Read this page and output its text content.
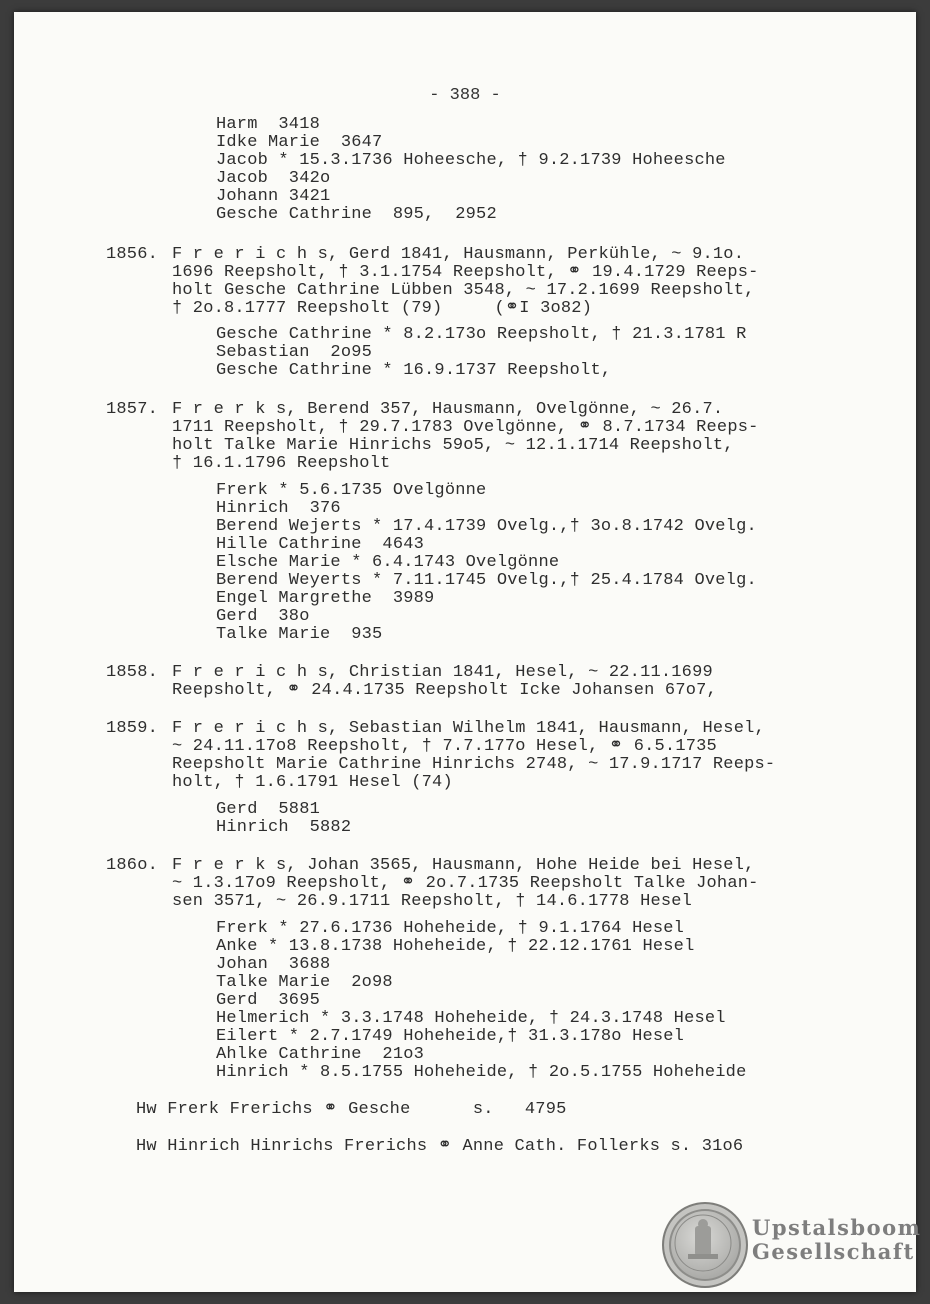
- 388 -
Harm  3418
Idke Marie  3647
Jacob * 15.3.1736 Hoheesche, † 9.2.1739 Hoheesche
Jacob  342o
Johann 3421
Gesche Cathrine  895,  2952
1856. F r e r i c h s, Gerd 1841, Hausmann, Perkühle, ~ 9.1o.
1696 Reepsholt, † 3.1.1754 Reepsholt, ⚭ 19.4.1729 Reeps-
holt Gesche Cathrine Lübben 3548, ~ 17.2.1699 Reepsholt,
† 2o.8.1777 Reepsholt (79)     (⚭I 3o82)
Gesche Cathrine * 8.2.173o Reepsholt, † 21.3.1781 R
Sebastian  2o95
Gesche Cathrine * 16.9.1737 Reepsholt,
1857. F r e r k s, Berend 357, Hausmann, Ovelgönne, ~ 26.7.
1711 Reepsholt, † 29.7.1783 Ovelgönne, ⚭ 8.7.1734 Reeps-
holt Talke Marie Hinrichs 59o5, ~ 12.1.1714 Reepsholt,
† 16.1.1796 Reepsholt
Frerk * 5.6.1735 Ovelgönne
Hinrich  376
Berend Wejerts * 17.4.1739 Ovelg.,† 3o.8.1742 Ovelg.
Hille Cathrine  4643
Elsche Marie * 6.4.1743 Ovelgönne
Berend Weyerts * 7.11.1745 Ovelg.,† 25.4.1784 Ovelg.
Engel Margrethe  3989
Gerd  38o
Talke Marie  935
1858. F r e r i c h s, Christian 1841, Hesel, ~ 22.11.1699
Reepsholt, ⚭ 24.4.1735 Reepsholt Icke Johansen 67o7,
1859. F r e r i c h s, Sebastian Wilhelm 1841, Hausmann, Hesel,
~ 24.11.17o8 Reepsholt, † 7.7.177o Hesel, ⚭ 6.5.1735
Reepsholt Marie Cathrine Hinrichs 2748, ~ 17.9.1717 Reeps-
holt, † 1.6.1791 Hesel (74)
Gerd  5881
Hinrich  5882
186o. F r e r k s, Johan 3565, Hausmann, Hohe Heide bei Hesel,
~ 1.3.17o9 Reepsholt, ⚭ 2o.7.1735 Reepsholt Talke Johan-
sen 3571, ~ 26.9.1711 Reepsholt, † 14.6.1778 Hesel
Frerk * 27.6.1736 Hoheheide, † 9.1.1764 Hesel
Anke * 13.8.1738 Hoheheide, † 22.12.1761 Hesel
Johan  3688
Talke Marie  2o98
Gerd  3695
Helmerich * 3.3.1748 Hoheheide, † 24.3.1748 Hesel
Eilert * 2.7.1749 Hoheheide,† 31.3.178o Hesel
Ahlke Cathrine  21o3
Hinrich * 8.5.1755 Hoheheide, † 2o.5.1755 Hoheheide
Hw Frerk Frerichs ⚭ Gesche      s.   4795
Hw Hinrich Hinrichs Frerichs ⚭ Anne Cath. Follerks s. 31o6
Upstalsboom
Gesellschaft
